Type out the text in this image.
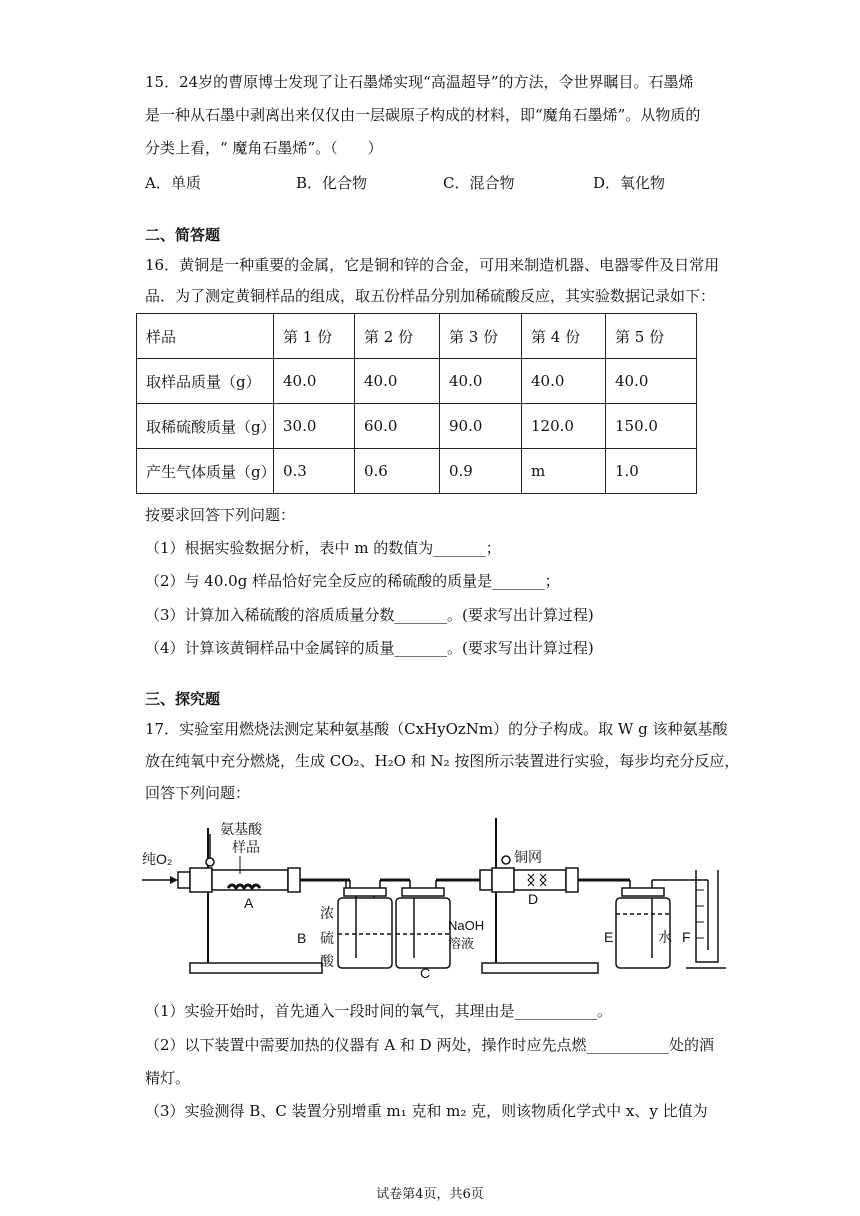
15．24岁的曹原博士发现了让石墨烯实现“高温超导”的方法，令世界瞩目。石墨烯
是一种从石墨中剥离出来仅仅由一层碳原子构成的材料，即“魔角石墨烯”。从物质的
分类上看，“ 魔角石墨烯”。（　　）
A．单质	B．化合物	C．混合物	D．氧化物
二、简答题
16．黄铜是一种重要的金属，它是铜和锌的合金，可用来制造机器、电器零件及日常用
品．为了测定黄铜样品的组成，取五份样品分别加稀硫酸反应，其实验数据记录如下：
样品	第 1 份	第 2 份	第 3 份	第 4 份	第 5 份
取样品质量（g）	40.0	40.0	40.0	40.0	40.0
取稀硫酸质量（g）	30.0	60.0	90.0	120.0	150.0
产生气体质量（g）	0.3	0.6	0.9	m	1.0
按要求回答下列问题：
（1）根据实验数据分析，表中 m 的数值为_______；
（2）与 40.0g 样品恰好完全反应的稀硫酸的质量是_______；
（3）计算加入稀硫酸的溶质质量分数_______。(要求写出计算过程)
（4）计算该黄铜样品中金属锌的质量_______。(要求写出计算过程)
三、探究题
17．实验室用燃烧法测定某种氨基酸（CxHyOzNm）的分子构成。取 W g 该种氨基酸
放在纯氧中充分燃烧，生成 CO₂、H₂O 和 N₂ 按图所示装置进行实验，每步均充分反应，
回答下列问题：
纯O₂
氨基酸
样品
A
浓
B 硫
酸
NaOH
溶液
C
铜网
D
E	水 F
（1）实验开始时，首先通入一段时间的氧气，其理由是___________。
（2）以下装置中需要加热的仪器有 A 和 D 两处，操作时应先点燃___________处的酒
精灯。
（3）实验测得 B、C 装置分别增重 m₁ 克和 m₂ 克，则该物质化学式中 x、y 比值为
试卷第4页，共6页
